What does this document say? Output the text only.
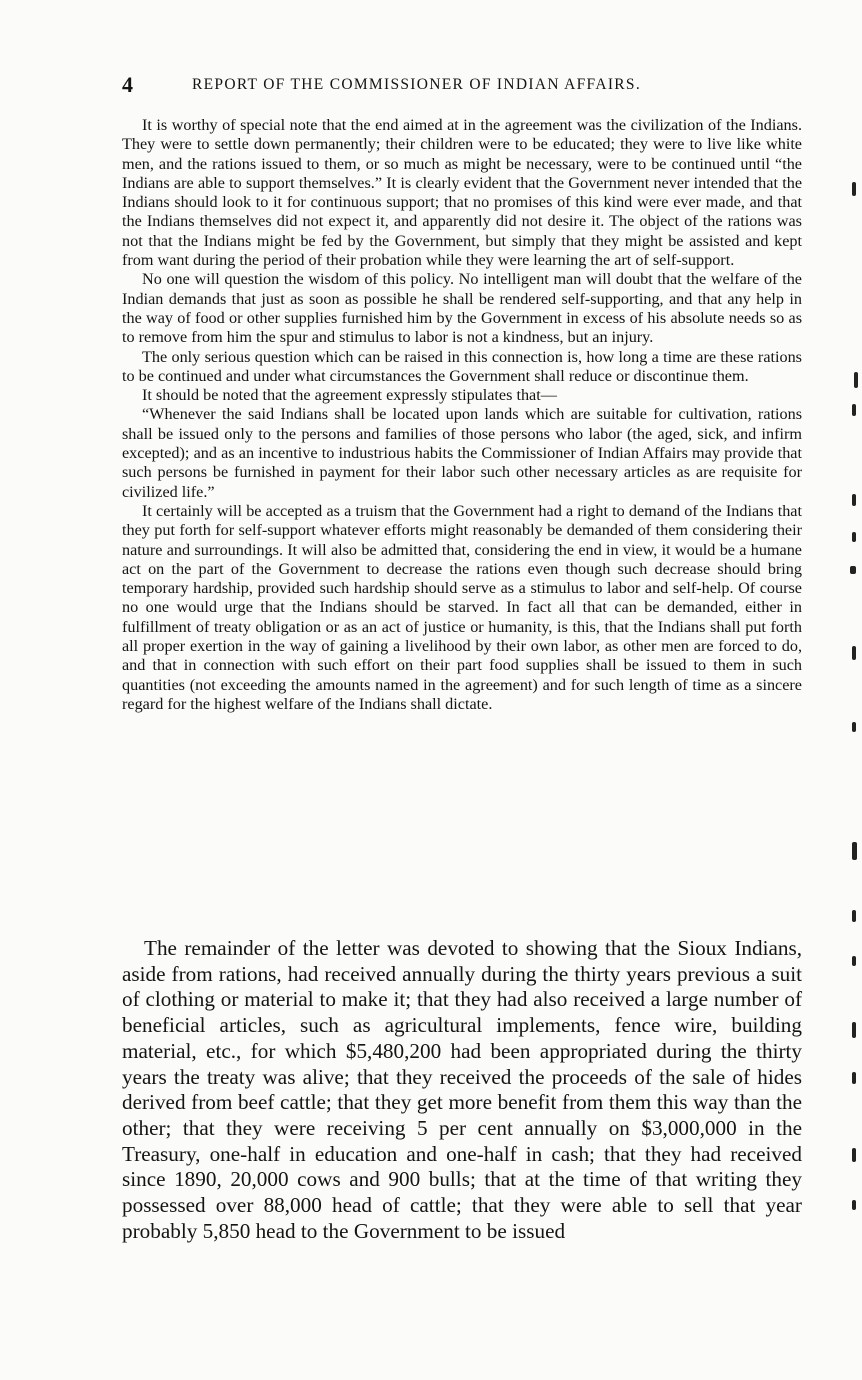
4	REPORT OF THE COMMISSIONER OF INDIAN AFFAIRS.

It is worthy of special note that the end aimed at in the agreement was the civilization of the Indians. They were to settle down permanently; their children were to be educated; they were to live like white men, and the rations issued to them, or so much as might be necessary, were to be continued until “the Indians are able to support themselves.” It is clearly evident that the Government never intended that the Indians should look to it for continuous support; that no promises of this kind were ever made, and that the Indians themselves did not expect it, and apparently did not desire it. The object of the rations was not that the Indians might be fed by the Government, but simply that they might be assisted and kept from want during the period of their probation while they were learning the art of self-support.

No one will question the wisdom of this policy. No intelligent man will doubt that the welfare of the Indian demands that just as soon as possible he shall be rendered self-supporting, and that any help in the way of food or other supplies furnished him by the Government in excess of his absolute needs so as to remove from him the spur and stimulus to labor is not a kindness, but an injury.

The only serious question which can be raised in this connection is, how long a time are these rations to be continued and under what circumstances the Government shall reduce or discontinue them.

It should be noted that the agreement expressly stipulates that—

“Whenever the said Indians shall be located upon lands which are suitable for cultivation, rations shall be issued only to the persons and families of those persons who labor (the aged, sick, and infirm excepted); and as an incentive to industrious habits the Commissioner of Indian Affairs may provide that such persons be furnished in payment for their labor such other necessary articles as are requisite for civilized life.”

It certainly will be accepted as a truism that the Government had a right to demand of the Indians that they put forth for self-support whatever efforts might reasonably be demanded of them considering their nature and surroundings. It will also be admitted that, considering the end in view, it would be a humane act on the part of the Government to decrease the rations even though such decrease should bring temporary hardship, provided such hardship should serve as a stimulus to labor and self-help. Of course no one would urge that the Indians should be starved. In fact all that can be demanded, either in fulfillment of treaty obligation or as an act of justice or humanity, is this, that the Indians shall put forth all proper exertion in the way of gaining a livelihood by their own labor, as other men are forced to do, and that in connection with such effort on their part food supplies shall be issued to them in such quantities (not exceeding the amounts named in the agreement) and for such length of time as a sincere regard for the highest welfare of the Indians shall dictate.

The remainder of the letter was devoted to showing that the Sioux Indians, aside from rations, had received annually during the thirty years previous a suit of clothing or material to make it; that they had also received a large number of beneficial articles, such as agricultural implements, fence wire, building material, etc., for which $5,480,200 had been appropriated during the thirty years the treaty was alive; that they received the proceeds of the sale of hides derived from beef cattle; that they get more benefit from them this way than the other; that they were receiving 5 per cent annually on $3,000,000 in the Treasury, one-half in education and one-half in cash; that they had received since 1890, 20,000 cows and 900 bulls; that at the time of that writing they possessed over 88,000 head of cattle; that they were able to sell that year probably 5,850 head to the Government to be issued
